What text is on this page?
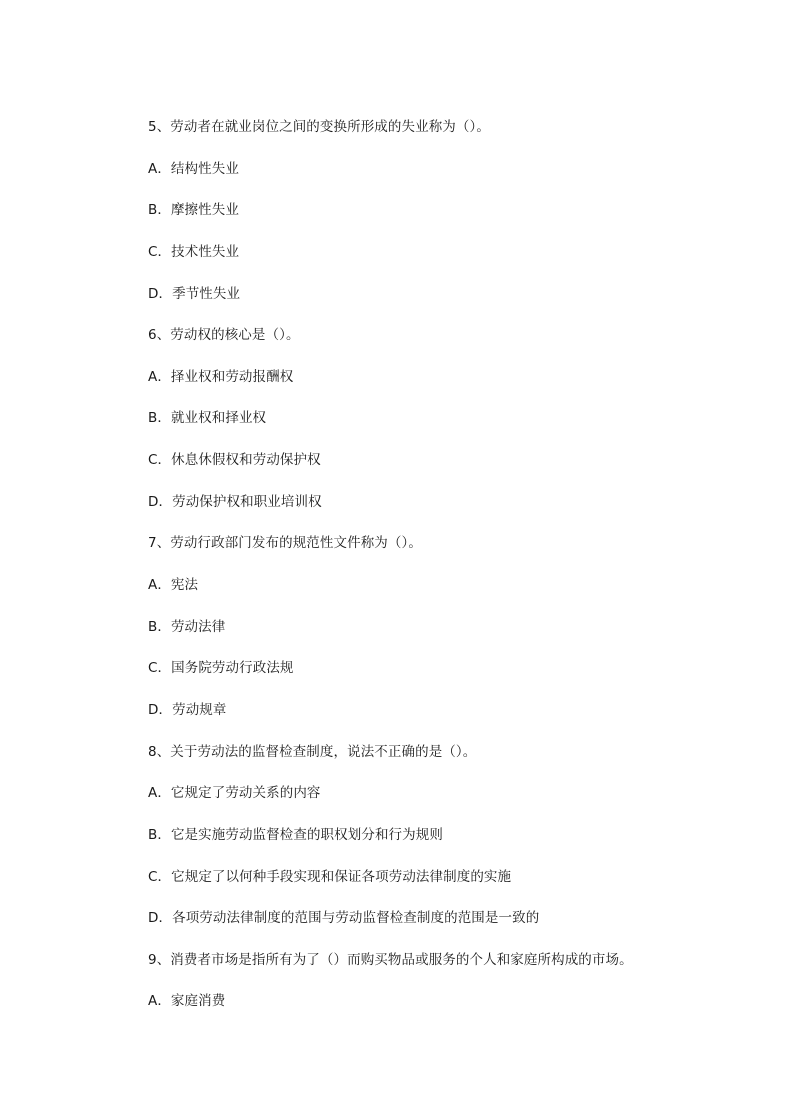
5、劳动者在就业岗位之间的变换所形成的失业称为（）。
A．结构性失业
B．摩擦性失业
C．技术性失业
D．季节性失业
6、劳动权的核心是（）。
A．择业权和劳动报酬权
B．就业权和择业权
C．休息休假权和劳动保护权
D．劳动保护权和职业培训权
7、劳动行政部门发布的规范性文件称为（）。
A．宪法
B．劳动法律
C．国务院劳动行政法规
D．劳动规章
8、关于劳动法的监督检查制度，说法不正确的是（）。
A．它规定了劳动关系的内容
B．它是实施劳动监督检查的职权划分和行为规则
C．它规定了以何种手段实现和保证各项劳动法律制度的实施
D．各项劳动法律制度的范围与劳动监督检查制度的范围是一致的
9、消费者市场是指所有为了（）而购买物品或服务的个人和家庭所构成的市场。
A．家庭消费
